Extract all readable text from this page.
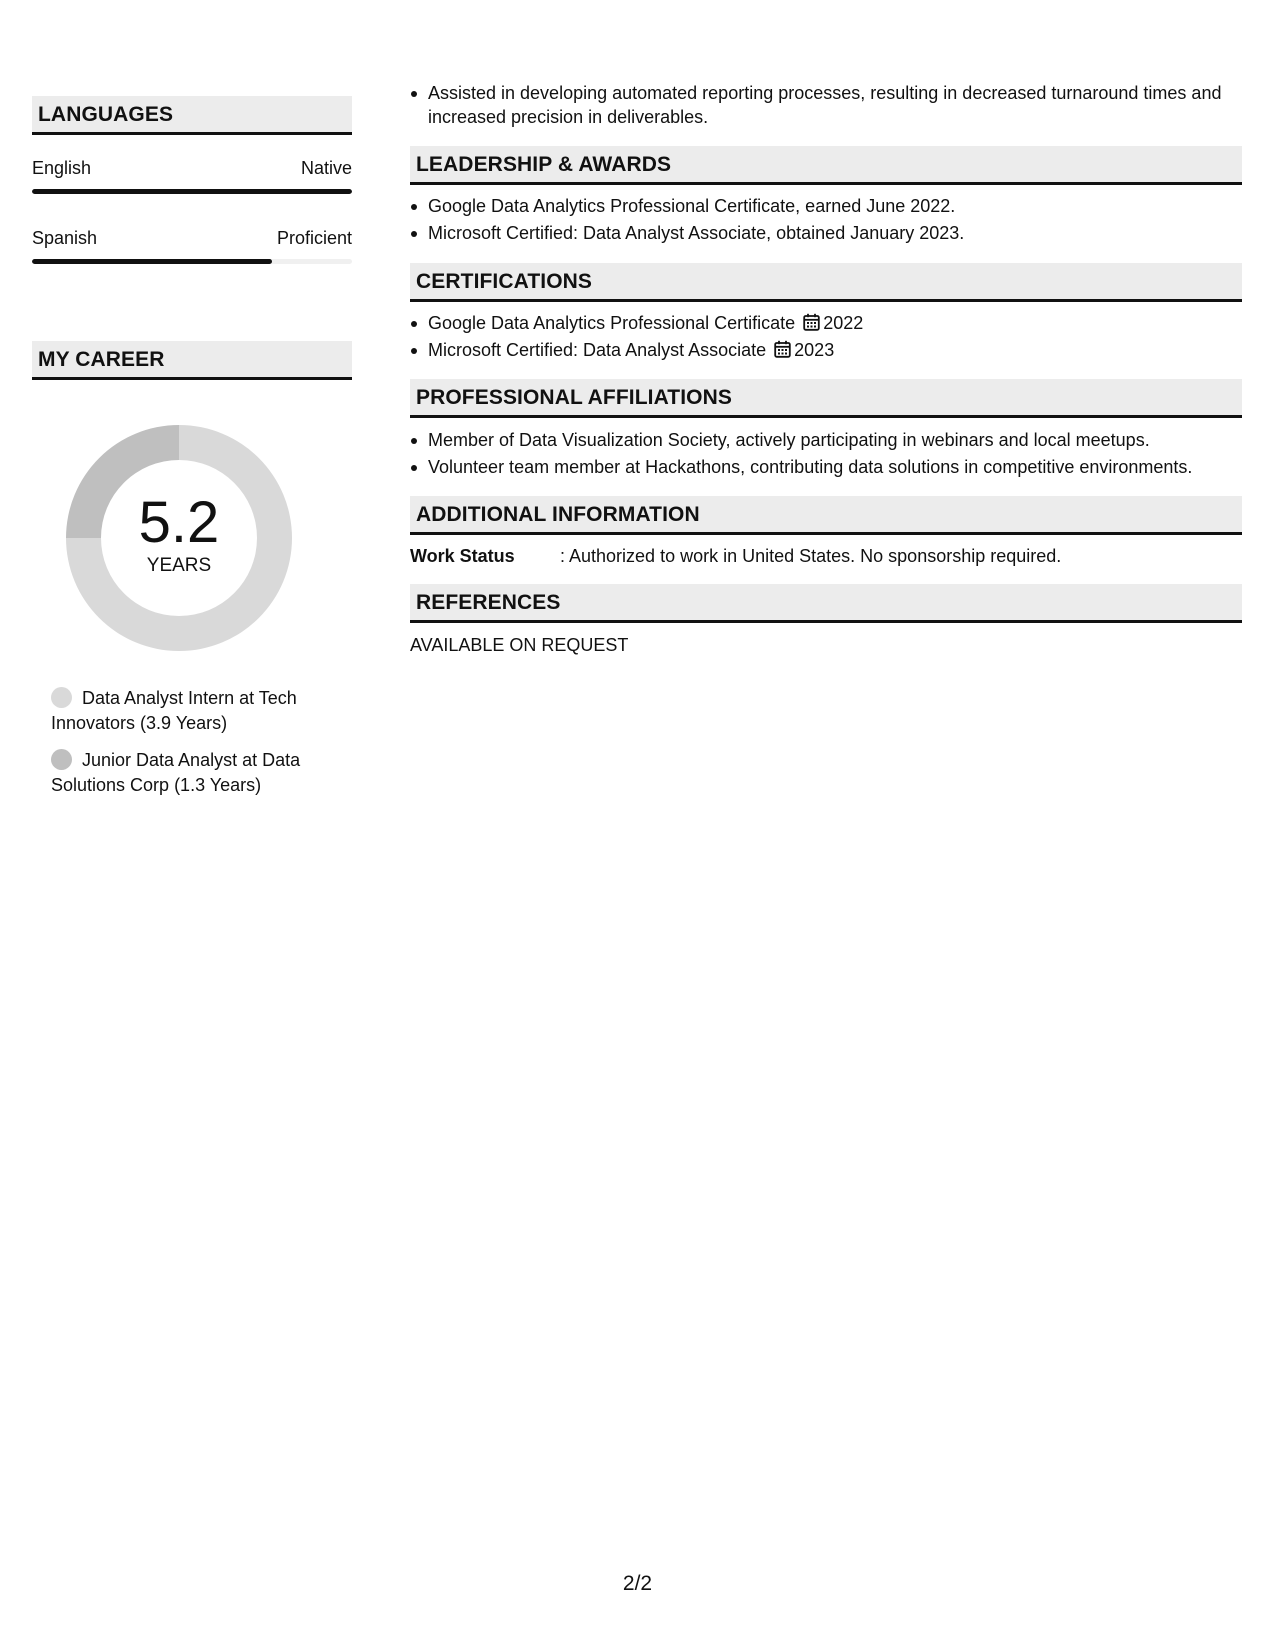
LANGUAGES
English	Native
Spanish	Proficient
MY CAREER
5.2
YEARS
Data Analyst Intern at Tech Innovators (3.9 Years)
Junior Data Analyst at Data Solutions Corp (1.3 Years)
Assisted in developing automated reporting processes, resulting in decreased turnaround times and increased precision in deliverables.
LEADERSHIP & AWARDS
Google Data Analytics Professional Certificate, earned June 2022.
Microsoft Certified: Data Analyst Associate, obtained January 2023.
CERTIFICATIONS
Google Data Analytics Professional Certificate 2022
Microsoft Certified: Data Analyst Associate 2023
PROFESSIONAL AFFILIATIONS
Member of Data Visualization Society, actively participating in webinars and local meetups.
Volunteer team member at Hackathons, contributing data solutions in competitive environments.
ADDITIONAL INFORMATION
Work Status	: Authorized to work in United States. No sponsorship required.
REFERENCES
AVAILABLE ON REQUEST
2/2
